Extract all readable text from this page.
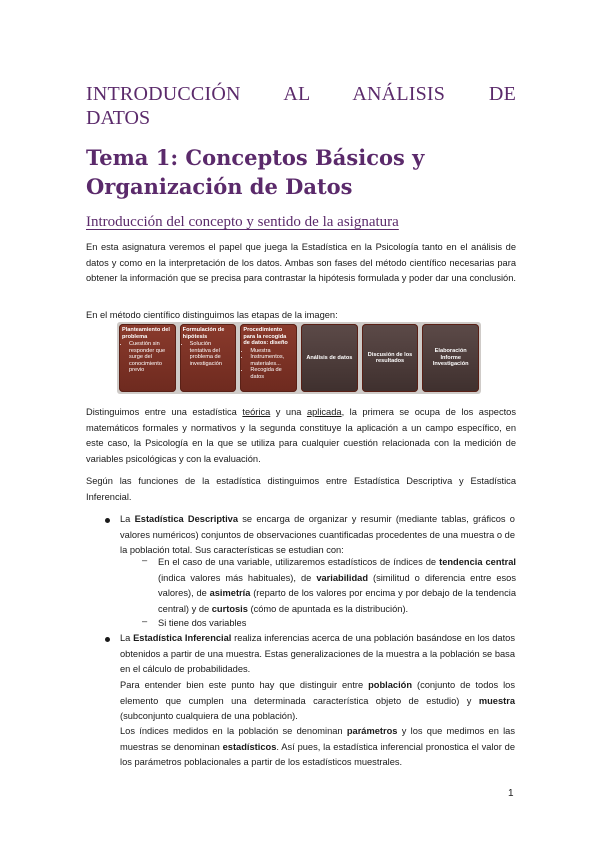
INTRODUCCIÓN AL ANÁLISIS DE
DATOS
Tema 1: Conceptos Básicos y Organización de Datos
Introducción del concepto y sentido de la asignatura
En esta asignatura veremos el papel que juega la Estadística en la Psicología tanto en el análisis de datos y como en la interpretación de los datos. Ambas son fases del método científico necesarias para obtener la información que se precisa para contrastar la hipótesis formulada y poder dar una conclusión.
En el método científico distinguimos las etapas de la imagen:
Planteamiento del problema
• Cuestión sin responder que surge del conocimiento previo
Formulación de hipótesis
• Solución tentativa del problema de investigación
Procedimiento para la recogida de datos: diseño
• Muestra
• Instrumentos, materiales...
• Recogida de datos
Análisis de datos
Discusión de los resultados
Elaboración Informe Investigación
Distinguimos entre una estadística teórica y una aplicada, la primera se ocupa de los aspectos matemáticos formales y normativos y la segunda constituye la aplicación a un campo específico, en este caso, la Psicología en la que se utiliza para cualquier cuestión relacionada con la medición de variables psicológicas y con la evaluación.
Según las funciones de la estadística distinguimos entre Estadística Descriptiva y Estadística Inferencial.
La Estadística Descriptiva se encarga de organizar y resumir (mediante tablas, gráficos o valores numéricos) conjuntos de observaciones cuantificadas procedentes de una muestra o de la población total. Sus características se estudian con:
– En el caso de una variable, utilizaremos estadísticos de índices de tendencia central (indica valores más habituales), de variabilidad (similitud o diferencia entre esos valores), de asimetría (reparto de los valores por encima y por debajo de la tendencia central) y de curtosis (cómo de apuntada es la distribución).
– Si tiene dos variables
La Estadística Inferencial realiza inferencias acerca de una población basándose en los datos obtenidos a partir de una muestra. Estas generalizaciones de la muestra a la población se basa en el cálculo de probabilidades.
Para entender bien este punto hay que distinguir entre población (conjunto de todos los elemento que cumplen una determinada característica objeto de estudio) y muestra (subconjunto cualquiera de una población).
Los índices medidos en la población se denominan parámetros y los que medimos en las muestras se denominan estadísticos. Así pues, la estadística inferencial pronostica el valor de los parámetros poblacionales a partir de los estadísticos muestrales.
1
